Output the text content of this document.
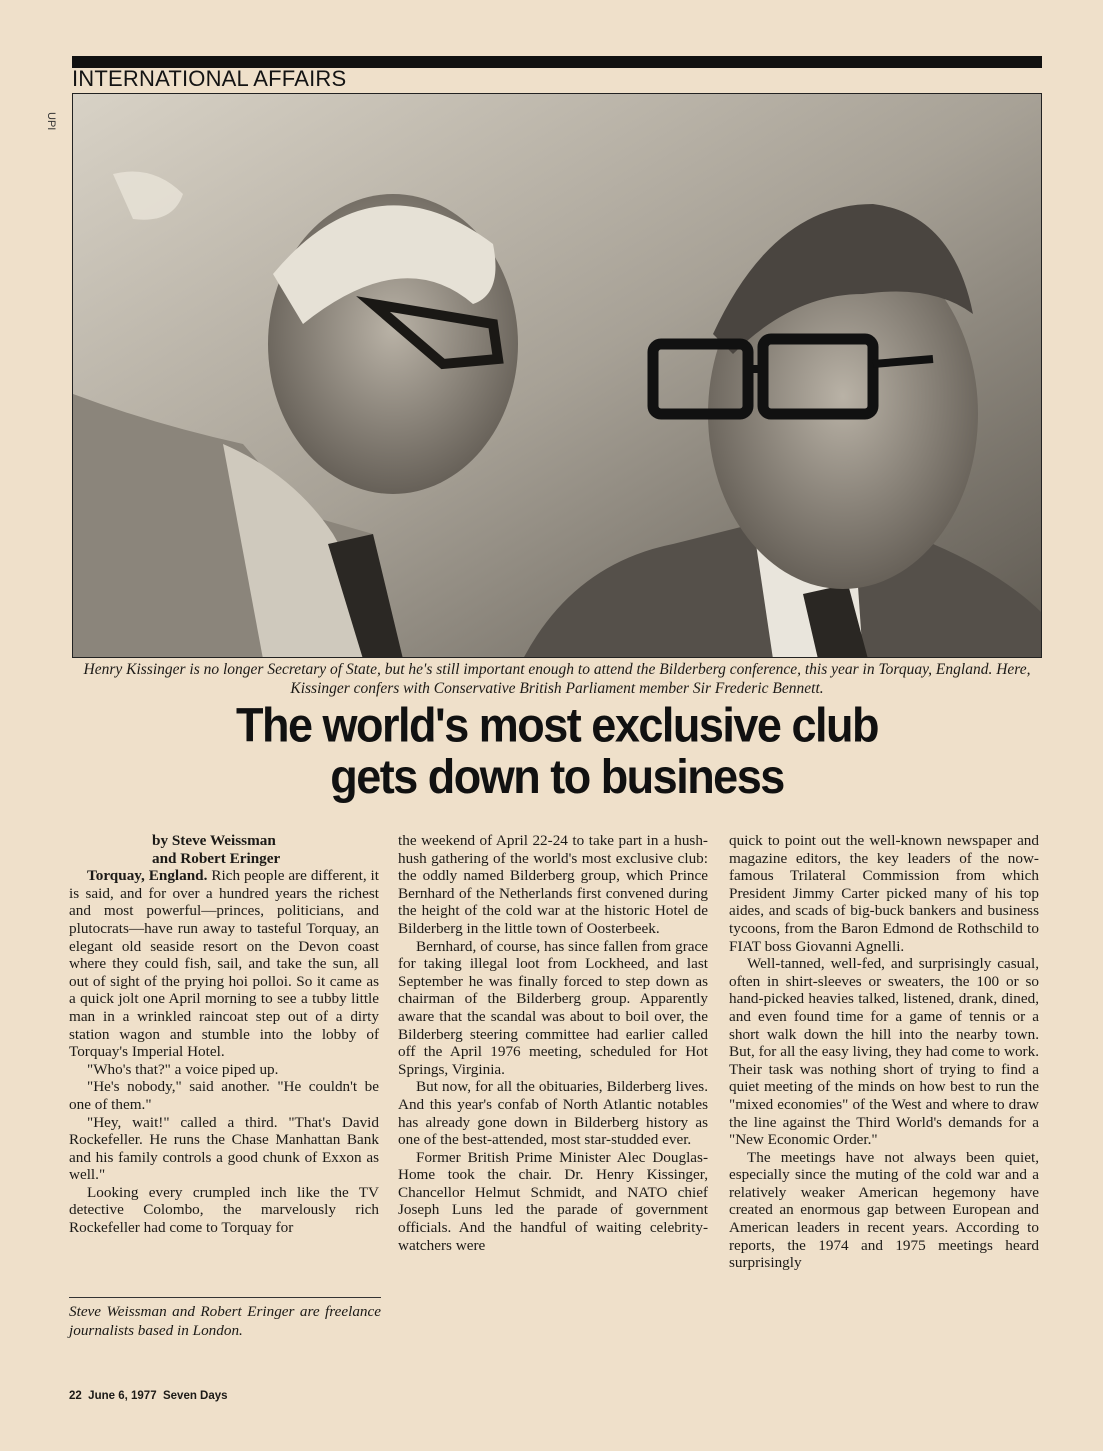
INTERNATIONAL AFFAIRS
UPI
Henry Kissinger is no longer Secretary of State, but he's still important enough to attend the Bilderberg conference, this year in Torquay, England. Here, Kissinger confers with Conservative British Parliament member Sir Frederic Bennett.
The world's most exclusive club
gets down to business
by Steve Weissman
and Robert Eringer

Torquay, England. Rich people are different, it is said, and for over a hundred years the richest and most powerful—princes, politicians, and plutocrats—have run away to tasteful Torquay, an elegant old seaside resort on the Devon coast where they could fish, sail, and take the sun, all out of sight of the prying hoi polloi. So it came as a quick jolt one April morning to see a tubby little man in a wrinkled raincoat step out of a dirty station wagon and stumble into the lobby of Torquay's Imperial Hotel.

"Who's that?" a voice piped up.

"He's nobody," said another. "He couldn't be one of them."

"Hey, wait!" called a third. "That's David Rockefeller. He runs the Chase Manhattan Bank and his family controls a good chunk of Exxon as well."

Looking every crumpled inch like the TV detective Colombo, the marvelously rich Rockefeller had come to Torquay for

the weekend of April 22-24 to take part in a hush-hush gathering of the world's most exclusive club: the oddly named Bilderberg group, which Prince Bernhard of the Netherlands first convened during the height of the cold war at the historic Hotel de Bilderberg in the little town of Oosterbeek.

Bernhard, of course, has since fallen from grace for taking illegal loot from Lockheed, and last September he was finally forced to step down as chairman of the Bilderberg group. Apparently aware that the scandal was about to boil over, the Bilderberg steering committee had earlier called off the April 1976 meeting, scheduled for Hot Springs, Virginia.

But now, for all the obituaries, Bilderberg lives. And this year's confab of North Atlantic notables has already gone down in Bilderberg history as one of the best-attended, most star-studded ever.

Former British Prime Minister Alec Douglas-Home took the chair. Dr. Henry Kissinger, Chancellor Helmut Schmidt, and NATO chief Joseph Luns led the parade of government officials. And the handful of waiting celebrity-watchers were

quick to point out the well-known newspaper and magazine editors, the key leaders of the now-famous Trilateral Commission from which President Jimmy Carter picked many of his top aides, and scads of big-buck bankers and business tycoons, from the Baron Edmond de Rothschild to FIAT boss Giovanni Agnelli.

Well-tanned, well-fed, and surprisingly casual, often in shirt-sleeves or sweaters, the 100 or so hand-picked heavies talked, listened, drank, dined, and even found time for a game of tennis or a short walk down the hill into the nearby town. But, for all the easy living, they had come to work. Their task was nothing short of trying to find a quiet meeting of the minds on how best to run the "mixed economies" of the West and where to draw the line against the Third World's demands for a "New Economic Order."

The meetings have not always been quiet, especially since the muting of the cold war and a relatively weaker American hegemony have created an enormous gap between European and American leaders in recent years. According to reports, the 1974 and 1975 meetings heard surprisingly

Steve Weissman and Robert Eringer are freelance journalists based in London.
22  June 6, 1977  Seven Days
